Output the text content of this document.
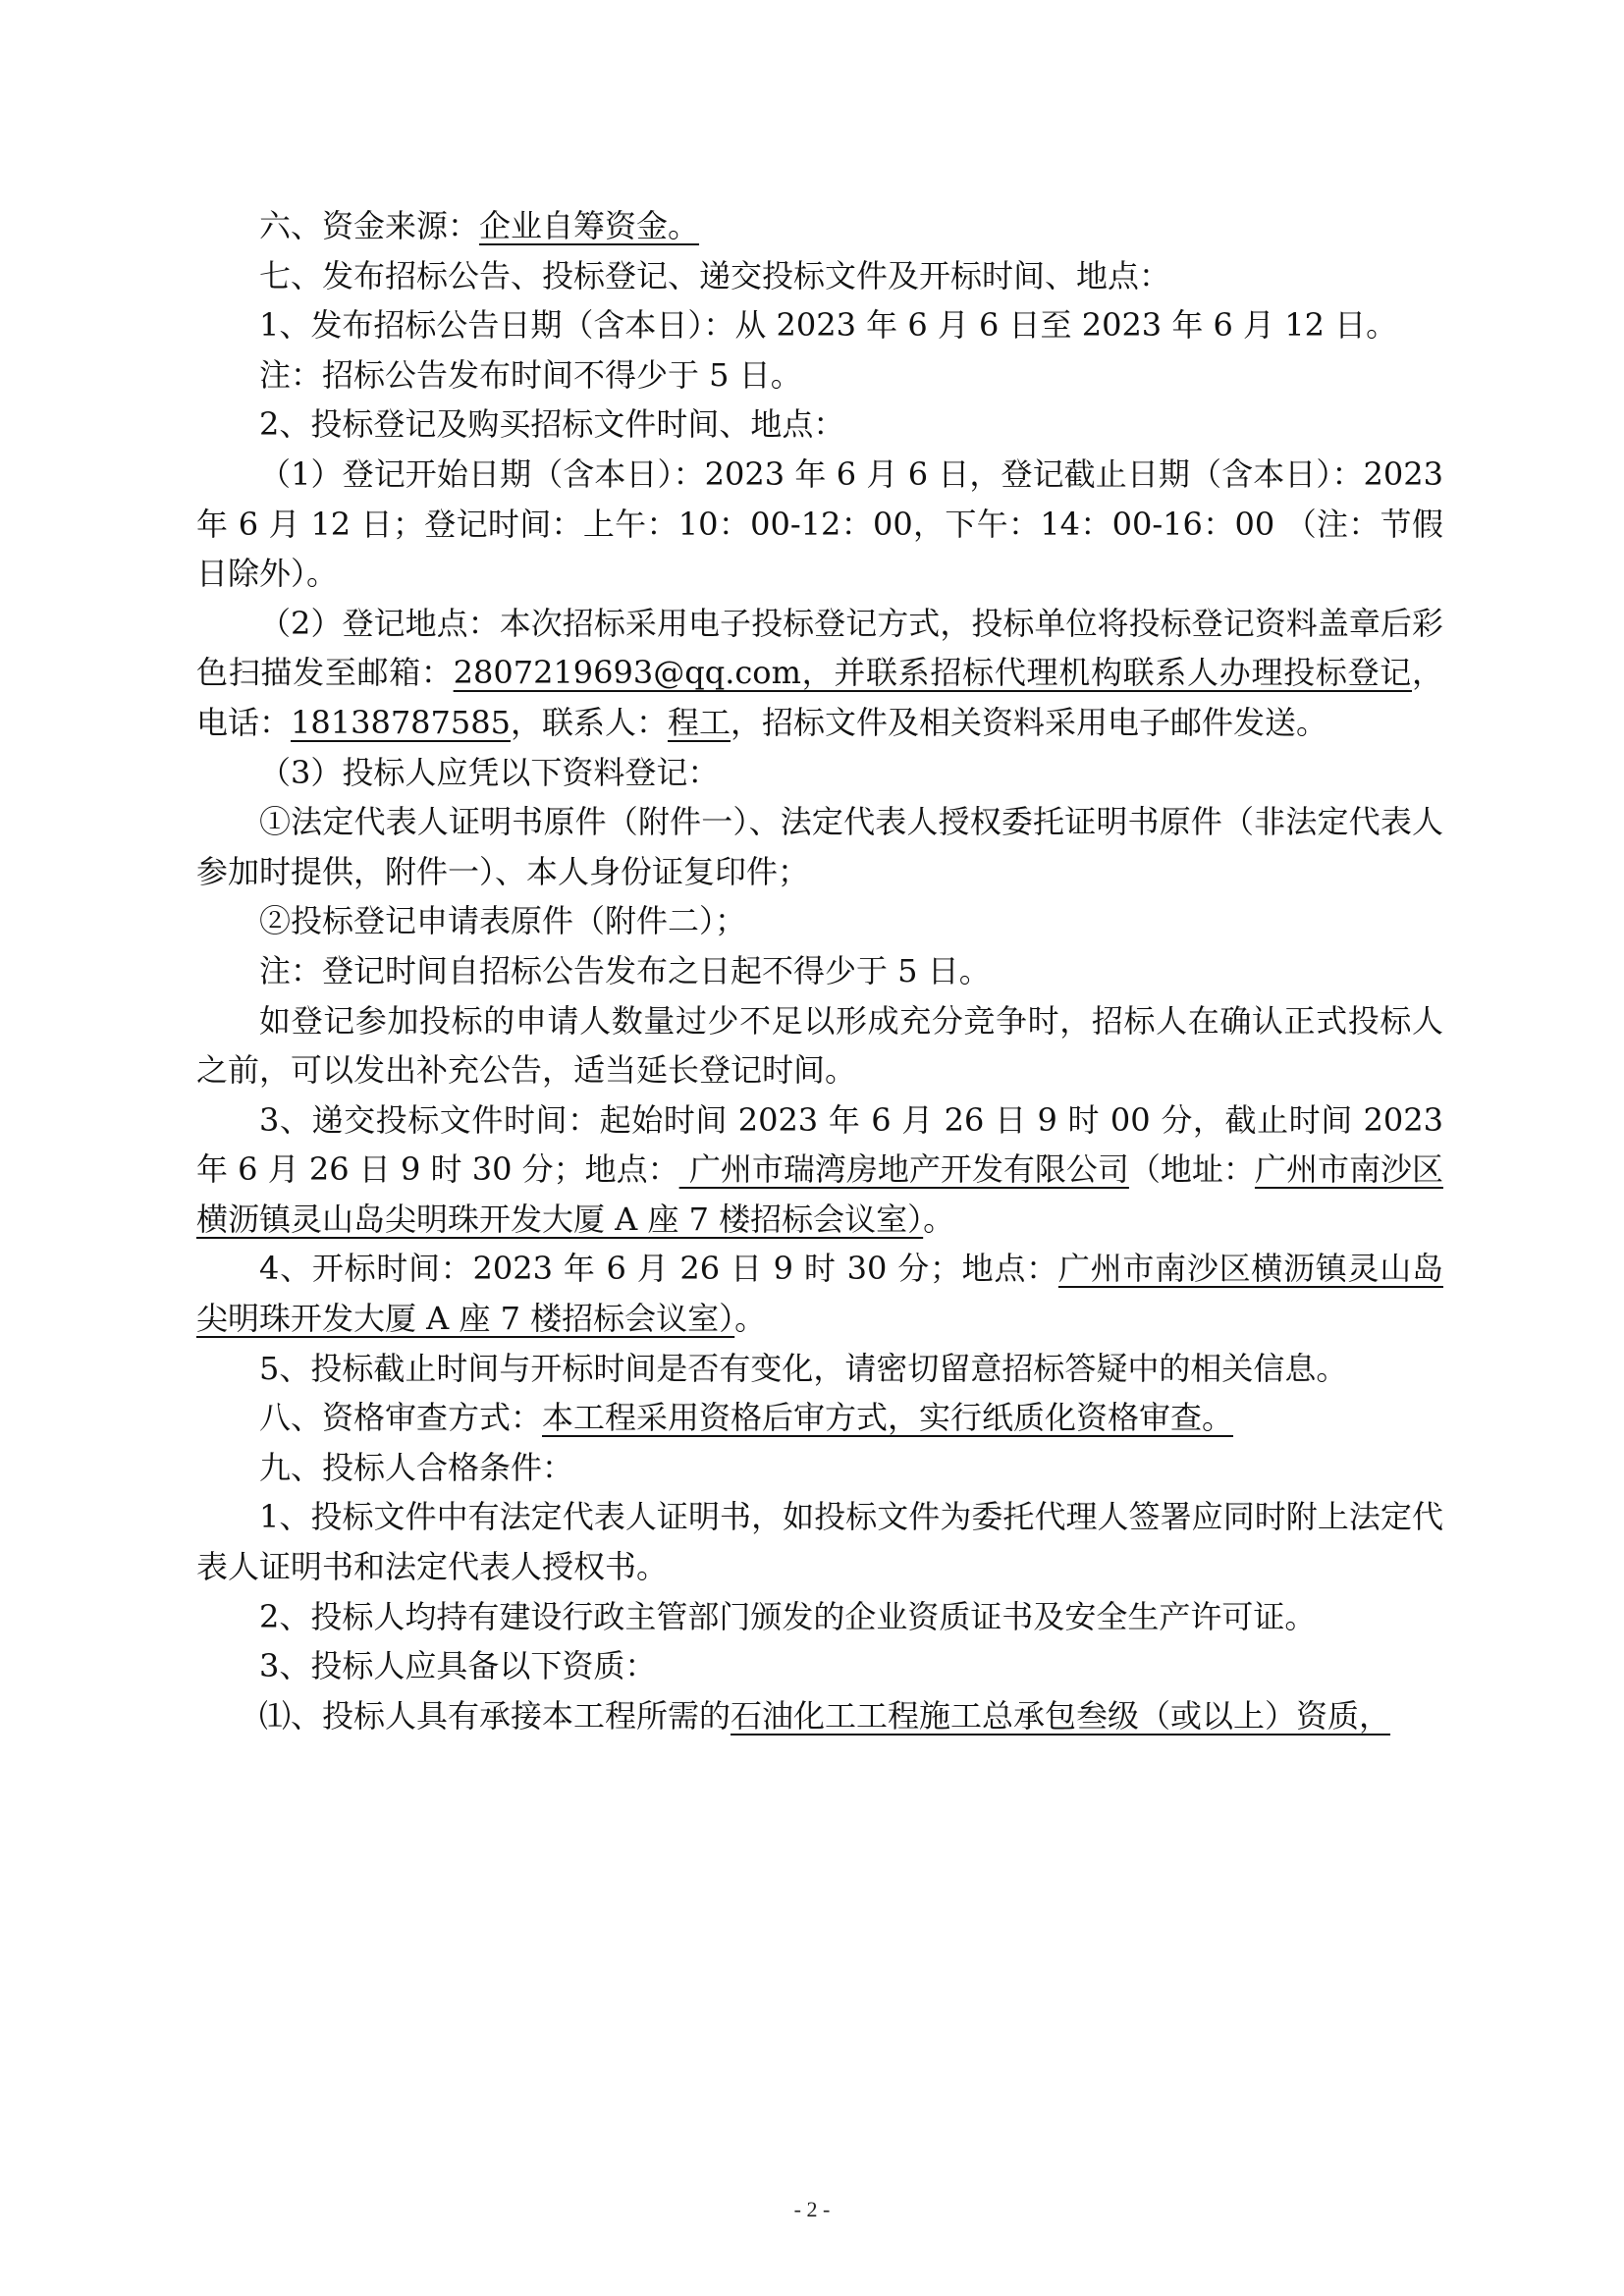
六、资金来源：企业自筹资金。

七、发布招标公告、投标登记、递交投标文件及开标时间、地点：

1、发布招标公告日期（含本日）：从 2023 年 6 月 6 日至 2023 年 6 月 12 日。

注：招标公告发布时间不得少于 5 日。

2、投标登记及购买招标文件时间、地点：

（1）登记开始日期（含本日）：2023 年 6 月 6 日，登记截止日期（含本日）：2023 年 6 月 12 日；登记时间：上午：10：00-12：00，下午：14：00-16：00 （注：节假日除外）。

（2）登记地点：本次招标采用电子投标登记方式，投标单位将投标登记资料盖章后彩色扫描发至邮箱：2807219693@qq.com，并联系招标代理机构联系人办理投标登记，电话：18138787585，联系人：程工，招标文件及相关资料采用电子邮件发送。

（3）投标人应凭以下资料登记：

①法定代表人证明书原件（附件一）、法定代表人授权委托证明书原件（非法定代表人参加时提供，附件一）、本人身份证复印件；

②投标登记申请表原件（附件二）；

注：登记时间自招标公告发布之日起不得少于 5 日。

如登记参加投标的申请人数量过少不足以形成充分竞争时，招标人在确认正式投标人之前，可以发出补充公告，适当延长登记时间。

3、递交投标文件时间：起始时间 2023 年 6 月 26 日 9 时 00 分，截止时间 2023 年 6 月 26 日 9 时 30 分；地点： 广州市瑞湾房地产开发有限公司（地址：广州市南沙区横沥镇灵山岛尖明珠开发大厦 A 座 7 楼招标会议室）。

4、开标时间：2023 年 6 月 26 日 9 时 30 分；地点：广州市南沙区横沥镇灵山岛尖明珠开发大厦 A 座 7 楼招标会议室）。

5、投标截止时间与开标时间是否有变化，请密切留意招标答疑中的相关信息。

八、资格审查方式：本工程采用资格后审方式，实行纸质化资格审查。

九、投标人合格条件：

1、投标文件中有法定代表人证明书，如投标文件为委托代理人签署应同时附上法定代表人证明书和法定代表人授权书。

2、投标人均持有建设行政主管部门颁发的企业资质证书及安全生产许可证。

3、投标人应具备以下资质：

⑴、投标人具有承接本工程所需的石油化工工程施工总承包叁级（或以上）资质，

- 2 -
